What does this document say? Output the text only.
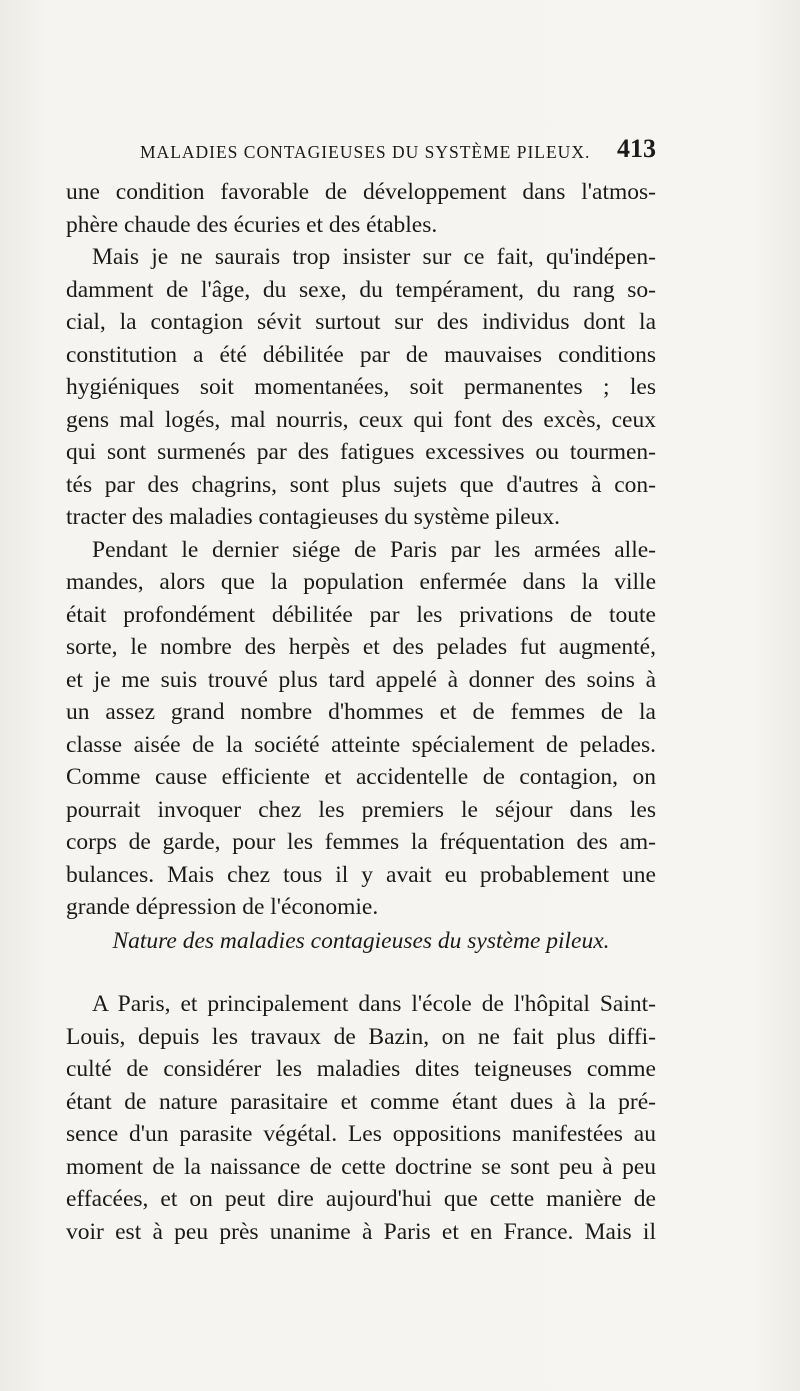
MALADIES CONTAGIEUSES DU SYSTÈME PILEUX. 413
une condition favorable de développement dans l'atmos-
phère chaude des écuries et des étables.
Mais je ne saurais trop insister sur ce fait, qu'indépen-
damment de l'âge, du sexe, du tempérament, du rang so-
cial, la contagion sévit surtout sur des individus dont la
constitution a été débilitée par de mauvaises conditions
hygiéniques soit momentanées, soit permanentes ; les
gens mal logés, mal nourris, ceux qui font des excès, ceux
qui sont surmenés par des fatigues excessives ou tourmen-
tés par des chagrins, sont plus sujets que d'autres à con-
tracter des maladies contagieuses du système pileux.
Pendant le dernier siége de Paris par les armées alle-
mandes, alors que la population enfermée dans la ville
était profondément débilitée par les privations de toute
sorte, le nombre des herpès et des pelades fut augmenté,
et je me suis trouvé plus tard appelé à donner des soins à
un assez grand nombre d'hommes et de femmes de la
classe aisée de la société atteinte spécialement de pelades.
Comme cause efficiente et accidentelle de contagion, on
pourrait invoquer chez les premiers le séjour dans les
corps de garde, pour les femmes la fréquentation des am-
bulances. Mais chez tous il y avait eu probablement une
grande dépression de l'économie.
Nature des maladies contagieuses du système pileux.
A Paris, et principalement dans l'école de l'hôpital Saint-
Louis, depuis les travaux de Bazin, on ne fait plus diffi-
culté de considérer les maladies dites teigneuses comme
étant de nature parasitaire et comme étant dues à la pré-
sence d'un parasite végétal. Les oppositions manifestées au
moment de la naissance de cette doctrine se sont peu à peu
effacées, et on peut dire aujourd'hui que cette manière de
voir est à peu près unanime à Paris et en France. Mais il
